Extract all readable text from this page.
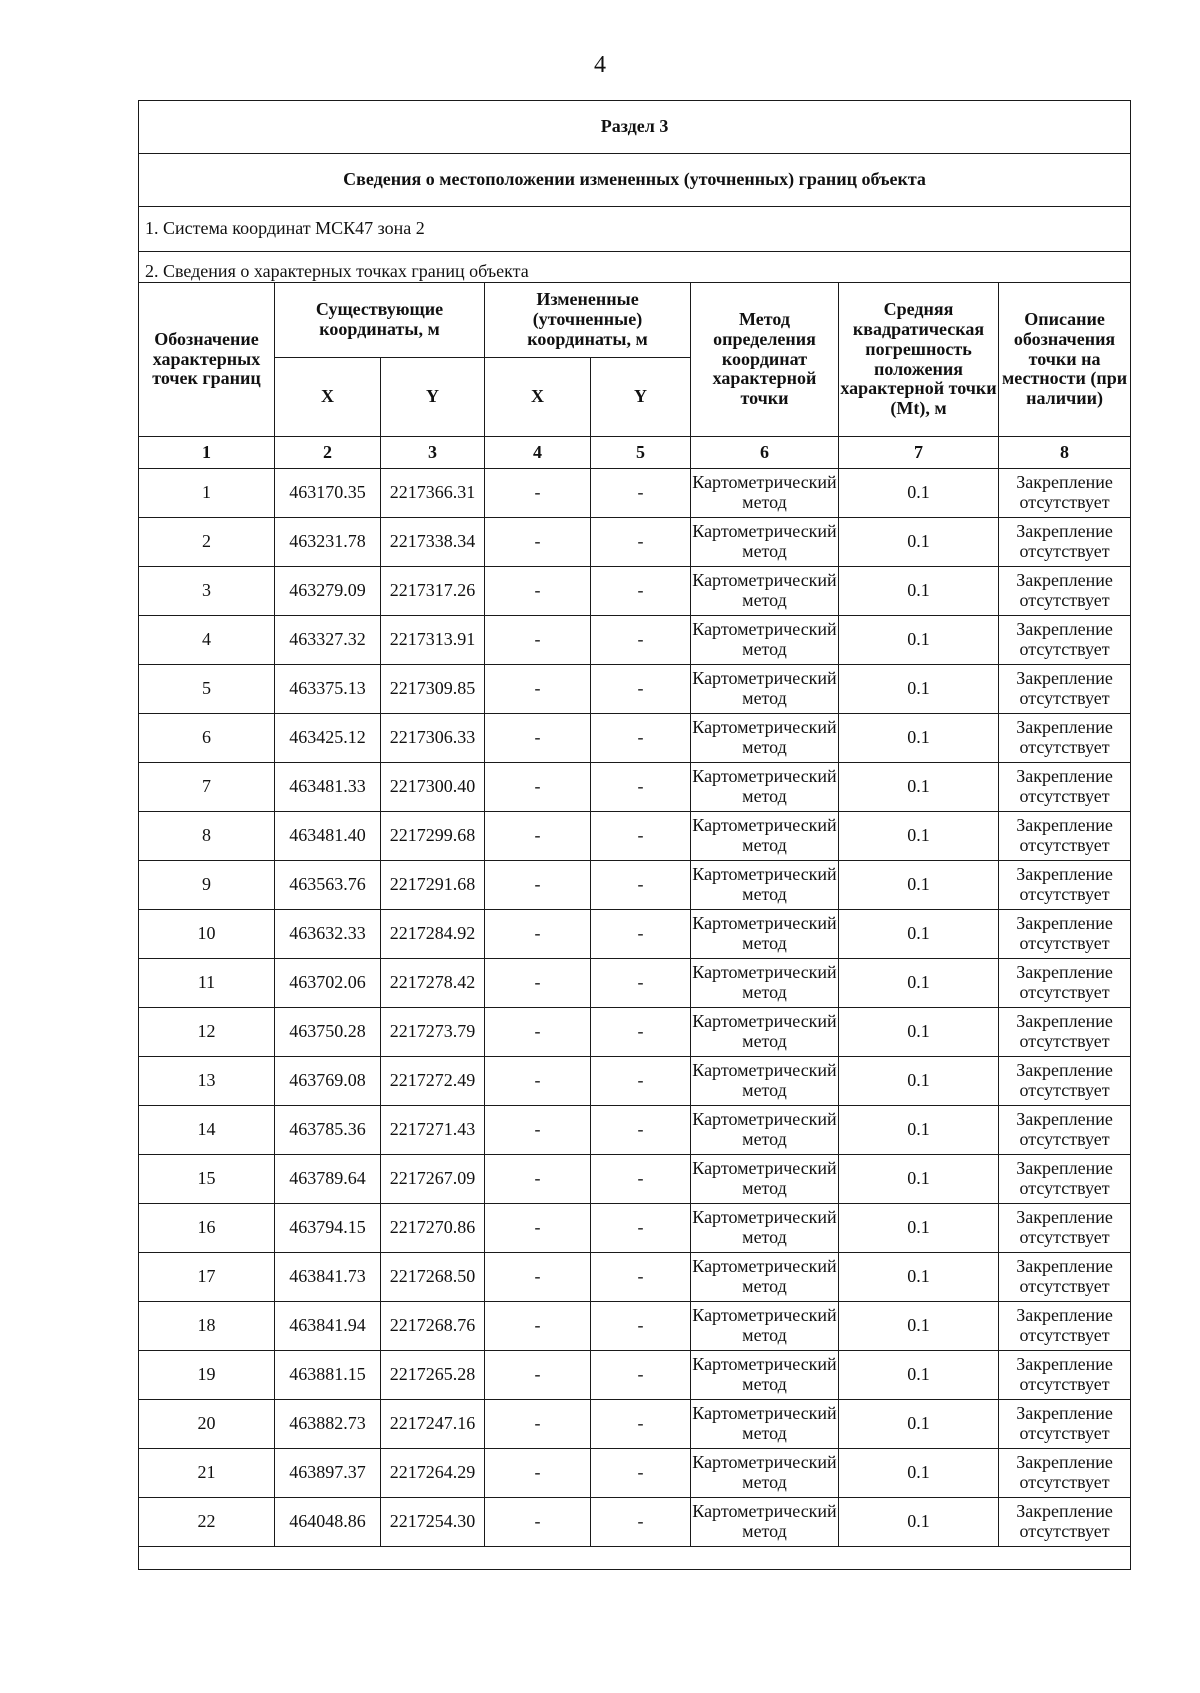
4
Раздел 3							
Сведения о местоположении измененных (уточненных) границ объекта							
1. Система координат МСК47 зона 2							
2. Сведения о характерных точках границ объекта							
Обозначение характерных точек границ	Существующие координаты, м		Измененные (уточненные) координаты, м		Метод определения координат характерной точки	Средняя квадратическая погрешность положения характерной точки (Mt), м	Описание обозначения точки на местности (при наличии)
	X	Y	X	Y			
1	2	3	4	5	6	7	8
1	463170.35	2217366.31	-	-	Картометрический метод	0.1	Закрепление отсутствует
2	463231.78	2217338.34	-	-	Картометрический метод	0.1	Закрепление отсутствует
3	463279.09	2217317.26	-	-	Картометрический метод	0.1	Закрепление отсутствует
4	463327.32	2217313.91	-	-	Картометрический метод	0.1	Закрепление отсутствует
5	463375.13	2217309.85	-	-	Картометрический метод	0.1	Закрепление отсутствует
6	463425.12	2217306.33	-	-	Картометрический метод	0.1	Закрепление отсутствует
7	463481.33	2217300.40	-	-	Картометрический метод	0.1	Закрепление отсутствует
8	463481.40	2217299.68	-	-	Картометрический метод	0.1	Закрепление отсутствует
9	463563.76	2217291.68	-	-	Картометрический метод	0.1	Закрепление отсутствует
10	463632.33	2217284.92	-	-	Картометрический метод	0.1	Закрепление отсутствует
11	463702.06	2217278.42	-	-	Картометрический метод	0.1	Закрепление отсутствует
12	463750.28	2217273.79	-	-	Картометрический метод	0.1	Закрепление отсутствует
13	463769.08	2217272.49	-	-	Картометрический метод	0.1	Закрепление отсутствует
14	463785.36	2217271.43	-	-	Картометрический метод	0.1	Закрепление отсутствует
15	463789.64	2217267.09	-	-	Картометрический метод	0.1	Закрепление отсутствует
16	463794.15	2217270.86	-	-	Картометрический метод	0.1	Закрепление отсутствует
17	463841.73	2217268.50	-	-	Картометрический метод	0.1	Закрепление отсутствует
18	463841.94	2217268.76	-	-	Картометрический метод	0.1	Закрепление отсутствует
19	463881.15	2217265.28	-	-	Картометрический метод	0.1	Закрепление отсутствует
20	463882.73	2217247.16	-	-	Картометрический метод	0.1	Закрепление отсутствует
21	463897.37	2217264.29	-	-	Картометрический метод	0.1	Закрепление отсутствует
22	464048.86	2217254.30	-	-	Картометрический метод	0.1	Закрепление отсутствует
